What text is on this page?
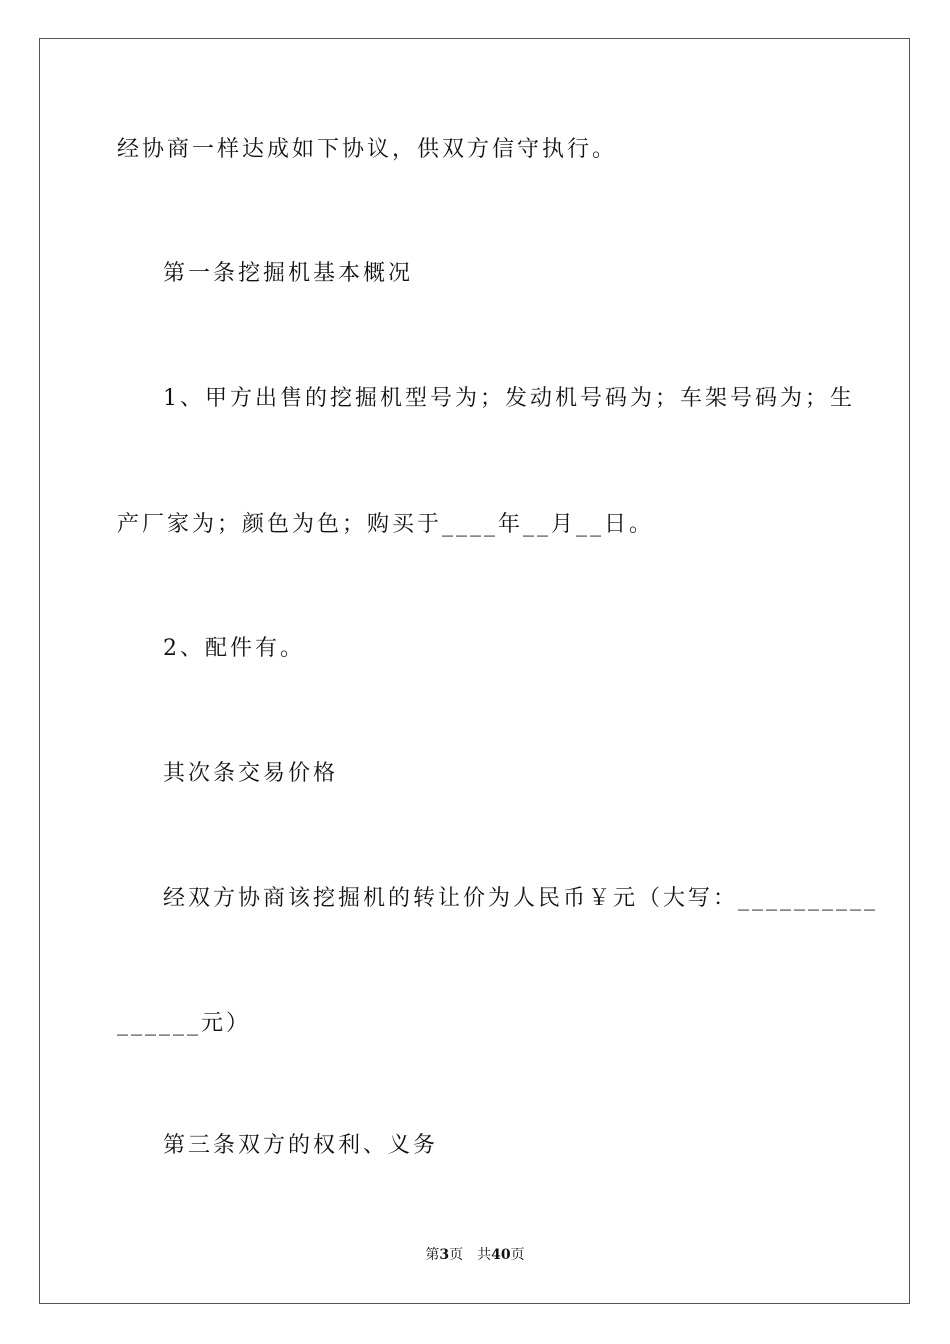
经协商一样达成如下协议，供双方信守执行。
第一条挖掘机基本概况
1、甲方出售的挖掘机型号为；发动机号码为；车架号码为；生
产厂家为；颜色为色；购买于____年__月__日。
2、配件有。
其次条交易价格
经双方协商该挖掘机的转让价为人民币￥元（大写：__________
______元）
第三条双方的权利、义务
第3页　共40页
